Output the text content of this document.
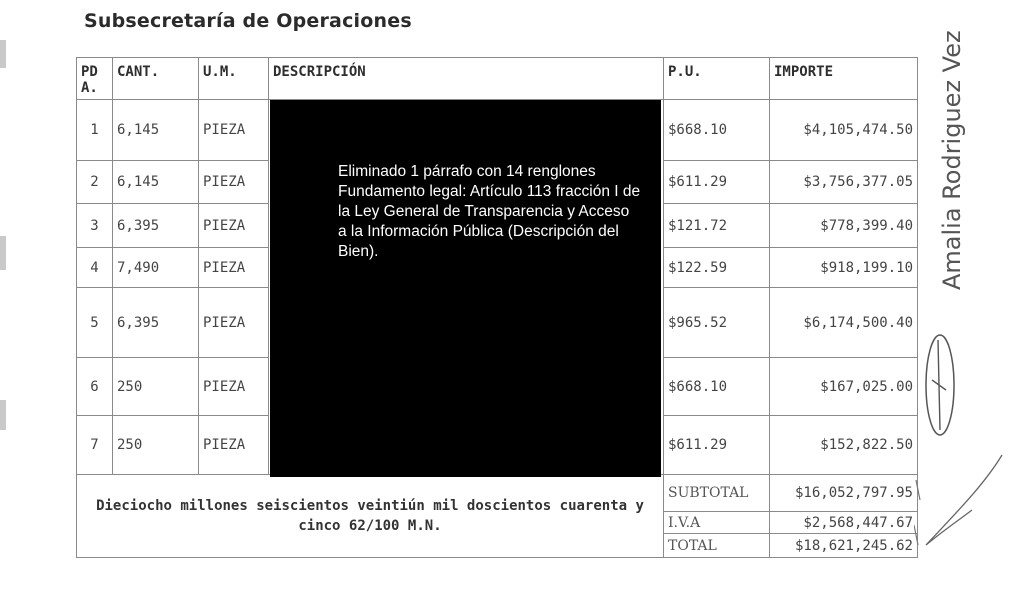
Subsecretaría de Operaciones
PD A.	CANT.	U.M.	DESCRIPCIÓN	P.U.	IMPORTE
1	6,145	PIEZA		$668.10	$4,105,474.50
2	6,145	PIEZA		$611.29	$3,756,377.05
3	6,395	PIEZA		$121.72	$778,399.40
4	7,490	PIEZA		$122.59	$918,199.10
5	6,395	PIEZA		$965.52	$6,174,500.40
6	250	PIEZA		$668.10	$167,025.00
7	250	PIEZA		$611.29	$152,822.50
Dieciocho millones seiscientos veintiún mil doscientos cuarenta y cinco 62/100 M.N.				SUBTOTAL	$16,052,797.95
				I.V.A	$2,568,447.67
				TOTAL	$18,621,245.62
Eliminado 1 párrafo con 14 renglones Fundamento legal: Artículo 113 fracción I de la Ley General de Transparencia y Acceso a la Información Pública (Descripción del Bien).	Amalia Rodriguez Vez
